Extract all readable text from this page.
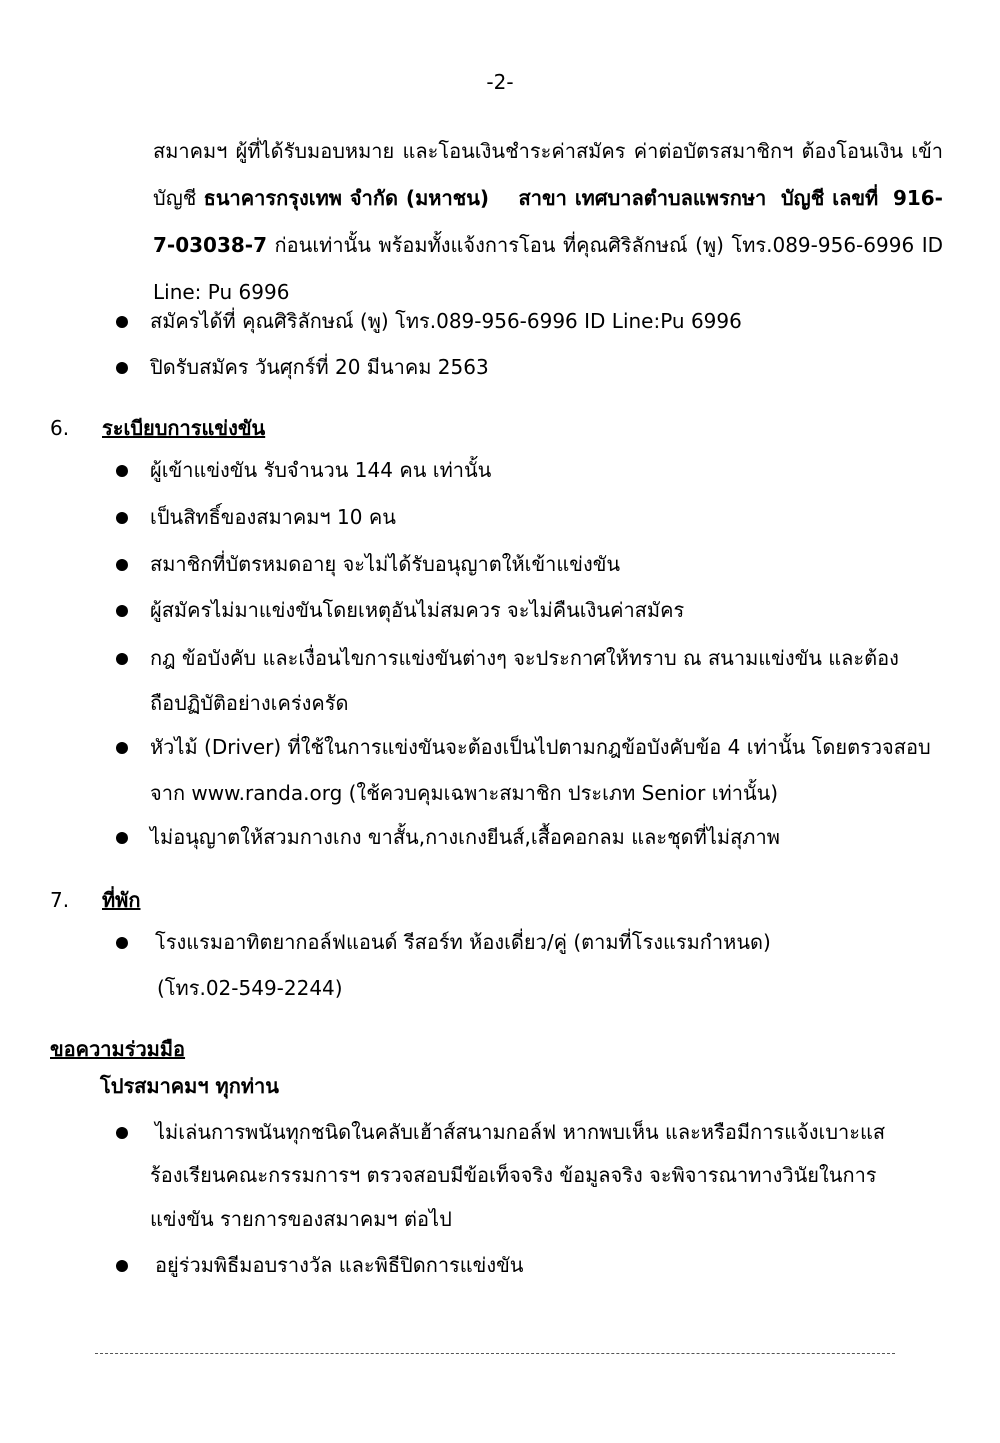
-2-
สมาคมฯ ผู้ที่ได้รับมอบหมาย และโอนเงินชำระค่าสมัคร ค่าต่อบัตรสมาชิกฯ ต้องโอนเงิน เข้าบัญชี ธนาคารกรุงเทพ จำกัด (มหาชน) สาขา เทศบาลตำบลแพรกษา บัญชี เลขที่ 916-7-03038-7 ก่อนเท่านั้น พร้อมทั้งแจ้งการโอน ที่คุณศิริลักษณ์ (พู) โทร.089-956-6996 ID Line: Pu 6996
สมัครได้ที่ คุณศิริลักษณ์ (พู) โทร.089-956-6996 ID Line:Pu 6996
ปิดรับสมัคร วันศุกร์ที่ 20 มีนาคม 2563
6. ระเบียบการแข่งขัน
ผู้เข้าแข่งขัน รับจำนวน 144 คน เท่านั้น
เป็นสิทธิ์ของสมาคมฯ 10 คน
สมาชิกที่บัตรหมดอายุ จะไม่ได้รับอนุญาตให้เข้าแข่งขัน
ผู้สมัครไม่มาแข่งขันโดยเหตุอันไม่สมควร จะไม่คืนเงินค่าสมัคร
กฎ ข้อบังคับ และเงื่อนไขการแข่งขันต่างๆ จะประกาศให้ทราบ ณ สนามแข่งขัน และต้อง
ถือปฏิบัติอย่างเคร่งครัด
หัวไม้ (Driver) ที่ใช้ในการแข่งขันจะต้องเป็นไปตามกฎข้อบังคับข้อ 4 เท่านั้น โดยตรวจสอบ
จาก www.randa.org (ใช้ควบคุมเฉพาะสมาชิก ประเภท Senior เท่านั้น)
ไม่อนุญาตให้สวมกางเกง ขาสั้น,กางเกงยีนส์,เสื้อคอกลม และชุดที่ไม่สุภาพ
7. ที่พัก
โรงแรมอาทิตยากอล์ฟแอนด์ รีสอร์ท ห้องเดี่ยว/คู่ (ตามที่โรงแรมกำหนด)
(โทร.02-549-2244)
ขอความร่วมมือ
โปรสมาคมฯ ทุกท่าน
ไม่เล่นการพนันทุกชนิดในคลับเฮ้าส์สนามกอล์ฟ หากพบเห็น และหรือมีการแจ้งเบาะแส
ร้องเรียนคณะกรรมการฯ ตรวจสอบมีข้อเท็จจริง ข้อมูลจริง จะพิจารณาทางวินัยในการ
แข่งขัน รายการของสมาคมฯ ต่อไป
อยู่ร่วมพิธีมอบรางวัล และพิธีปิดการแข่งขัน
